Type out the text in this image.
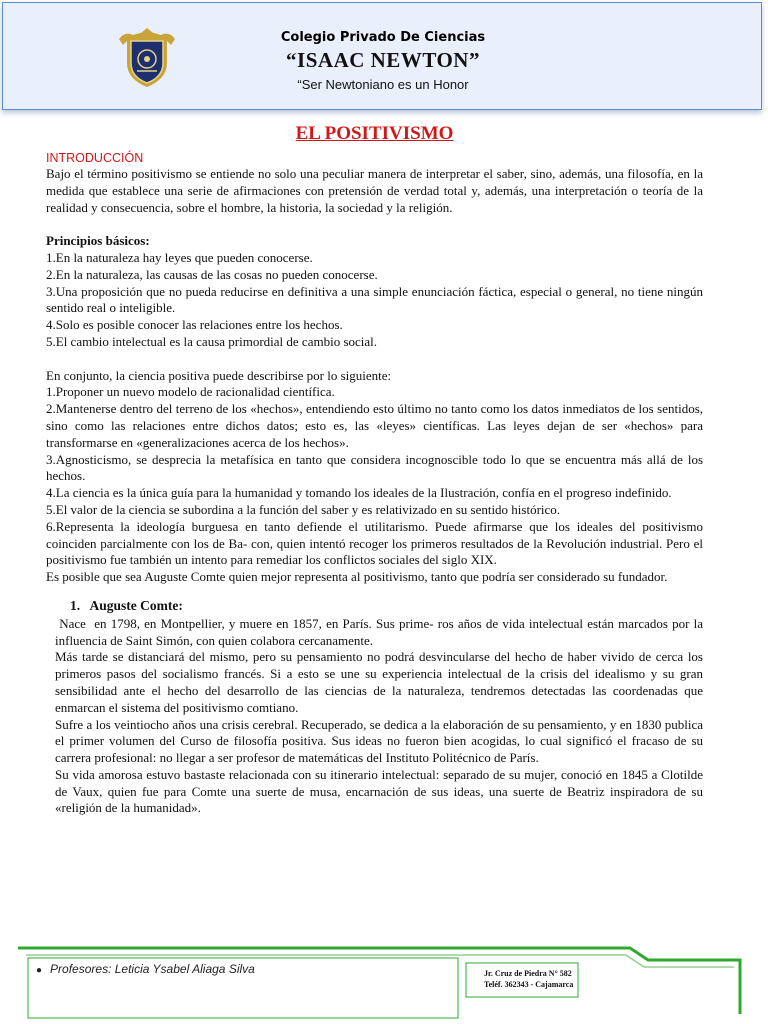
Colegio Privado De Ciencias
“ISAAC NEWTON”
“Ser Newtoniano es un Honor
EL POSITIVISMO
INTRODUCCIÓN

Bajo el término positivismo se entiende no solo una peculiar manera de interpretar el saber, sino, además, una filosofía, en la medida que establece una serie de afirmaciones con pretensión de verdad total y, además, una interpretación o teoría de la realidad y consecuencia, sobre el hombre, la historia, la sociedad y la religión.

Principios básicos:

1.En la naturaleza hay leyes que pueden conocerse.

2.En la naturaleza, las causas de las cosas no pueden conocerse.

3.Una proposición que no pueda reducirse en definitiva a una simple enunciación fáctica, especial o general, no tiene ningún sentido real o inteligible.

4.Solo es posible conocer las relaciones entre los hechos.

5.El cambio intelectual es la causa primordial de cambio social.

En conjunto, la ciencia positiva puede describirse por lo siguiente:

1.Proponer un nuevo modelo de racionalidad científica.

2.Mantenerse dentro del terreno de los «hechos», entendiendo esto último no tanto como los datos inmediatos de los sentidos, sino como las relaciones entre dichos datos; esto es, las «leyes» científicas. Las leyes dejan de ser «hechos» para transformarse en «generalizaciones acerca de los hechos».

3.Agnosticismo, se desprecia la metafísica en tanto que considera incognoscible todo lo que se encuentra más allá de los hechos.

4.La ciencia es la única guía para la humanidad y tomando los ideales de la Ilustración, confía en el progreso indefinido.

5.El valor de la ciencia se subordina a la función del saber y es relativizado en su sentido histórico.

6.Representa la ideología burguesa en tanto defiende el utilitarismo. Puede afirmarse que los ideales del positivismo coinciden parcialmente con los de Ba- con, quien intentó recoger los primeros resultados de la Revolución industrial. Pero el positivismo fue también un intento para remediar los conflictos sociales del siglo XIX.

Es posible que sea Auguste Comte quien mejor representa al positivismo, tanto que podría ser considerado su fundador.

1.   Auguste Comte:

Nace  en 1798, en Montpellier, y muere en 1857, en París. Sus prime- ros años de vida intelectual están marcados por la influencia de Saint Simón, con quien colabora cercanamente.

Más tarde se distanciará del mismo, pero su pensamiento no podrá desvincularse del hecho de haber vivido de cerca los primeros pasos del socialismo francés. Si a esto se une su experiencia intelectual de la crisis del idealismo y su gran sensibilidad ante el hecho del desarrollo de las ciencias de la naturaleza, tendremos detectadas las coordenadas que enmarcan el sistema del positivismo comtiano.

Sufre a los veintiocho años una crisis cerebral. Recuperado, se dedica a la elaboración de su pensamiento, y en 1830 publica el primer volumen del Curso de filosofía positiva. Sus ideas no fueron bien acogidas, lo cual significó el fracaso de su carrera profesional: no llegar a ser profesor de matemáticas del Instituto Politécnico de París.

Su vida amorosa estuvo bastaste relacionada con su itinerario intelectual: separado de su mujer, conoció en 1845 a Clotilde de Vaux, quien fue para Comte una suerte de musa, encarnación de sus ideas, una suerte de Beatriz inspiradora de su «religión de la humanidad».

● Profesores: Leticia Ysabel Aliaga Silva	Jr. Cruz de Piedra N° 582
Teléf. 362343 - Cajamarca
